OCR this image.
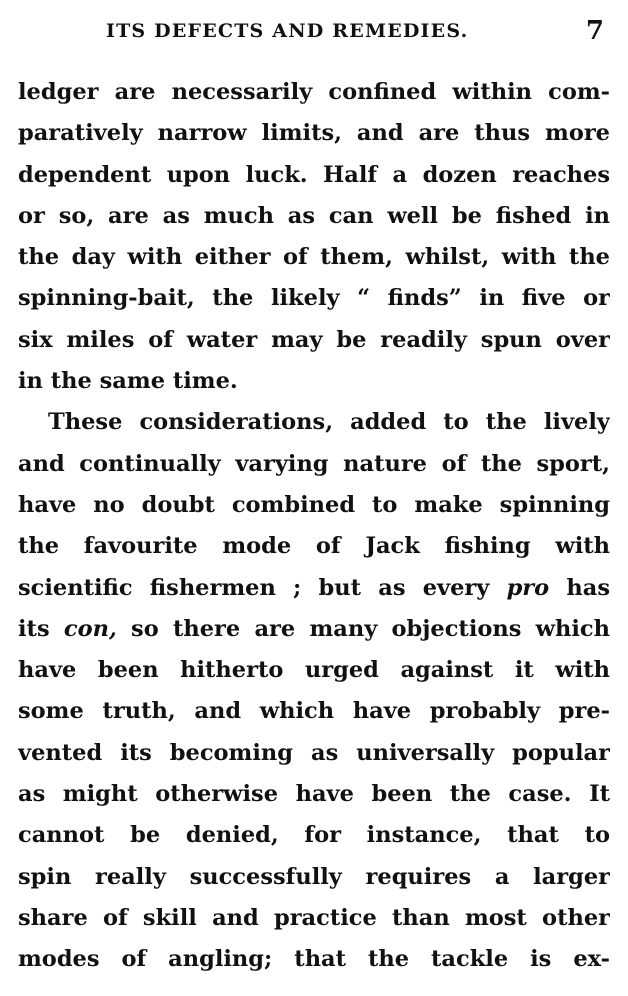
ITS DEFECTS AND REMEDIES.	7
ledger are necessarily confined within com-
paratively narrow limits, and are thus more
dependent upon luck. Half a dozen reaches
or so, are as much as can well be fished in
the day with either of them, whilst, with the
spinning-bait, the likely “ finds” in five or
six miles of water may be readily spun over
in the same time.
These considerations, added to the lively
and continually varying nature of the sport,
have no doubt combined to make spinning
the favourite mode of Jack fishing with
scientific fishermen ; but as every pro has
its con, so there are many objections which
have been hitherto urged against it with
some truth, and which have probably pre-
vented its becoming as universally popular
as might otherwise have been the case. It
cannot be denied, for instance, that to
spin really successfully requires a larger
share of skill and practice than most other
modes of angling; that the tackle is ex-
